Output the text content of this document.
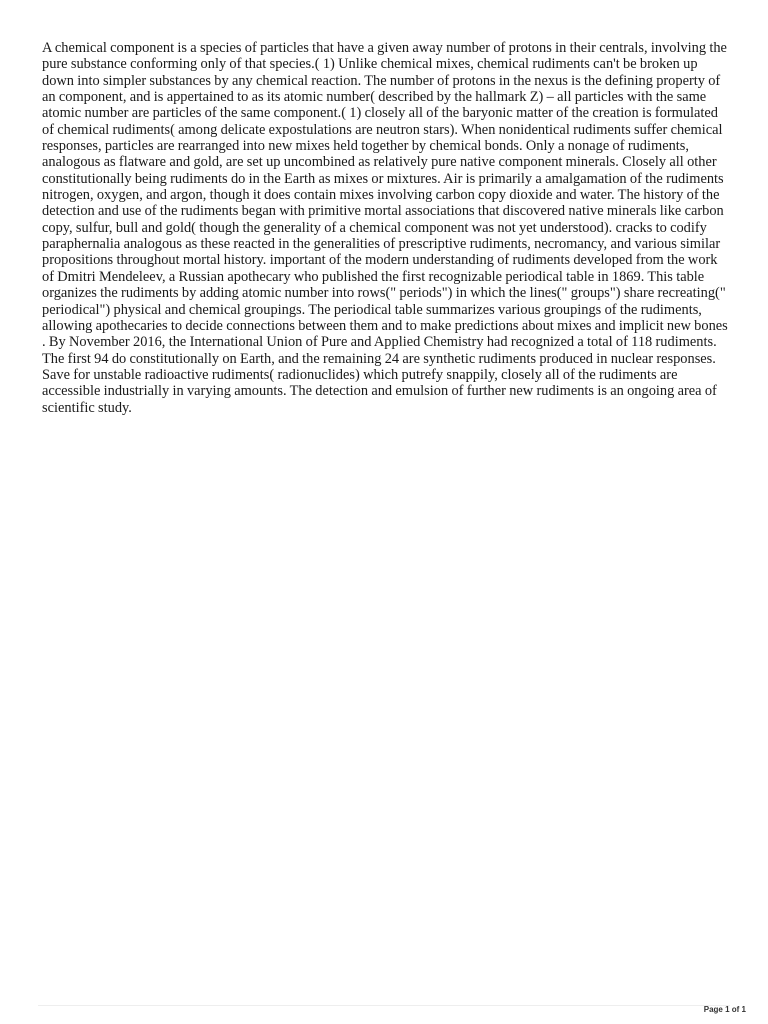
A chemical component is a species of particles that have a given away number of protons in their centrals, involving the pure substance conforming only of that species.( 1) Unlike chemical mixes, chemical rudiments can't be broken up down into simpler substances by any chemical reaction. The number of protons in the nexus is the defining property of an component, and is appertained to as its atomic number( described by the hallmark Z) – all particles with the same atomic number are particles of the same component.( 1) closely all of the baryonic matter of the creation is formulated of chemical rudiments( among delicate expostulations are neutron stars). When nonidentical rudiments suffer chemical responses, particles are rearranged into new mixes held together by chemical bonds. Only a nonage of rudiments, analogous as flatware and gold, are set up uncombined as relatively pure native component minerals. Closely all other constitutionally being rudiments do in the Earth as mixes or mixtures. Air is primarily a amalgamation of the rudiments nitrogen, oxygen, and argon, though it does contain mixes involving carbon copy dioxide and water. The history of the detection and use of the rudiments began with primitive mortal associations that discovered native minerals like carbon copy, sulfur, bull and gold( though the generality of a chemical component was not yet understood). cracks to codify paraphernalia analogous as these reacted in the generalities of prescriptive rudiments, necromancy, and various similar propositions throughout mortal history. important of the modern understanding of rudiments developed from the work of Dmitri Mendeleev, a Russian apothecary who published the first recognizable periodical table in 1869. This table organizes the rudiments by adding atomic number into rows(" periods") in which the lines(" groups") share recreating(" periodical") physical and chemical groupings. The periodical table summarizes various groupings of the rudiments, allowing apothecaries to decide connections between them and to make predictions about mixes and implicit new bones . By November 2016, the International Union of Pure and Applied Chemistry had recognized a total of 118 rudiments. The first 94 do constitutionally on Earth, and the remaining 24 are synthetic rudiments produced in nuclear responses. Save for unstable radioactive rudiments( radionuclides) which putrefy snappily, closely all of the rudiments are accessible industrially in varying amounts. The detection and emulsion of further new rudiments is an ongoing area of scientific study.

Page 1 of 1
